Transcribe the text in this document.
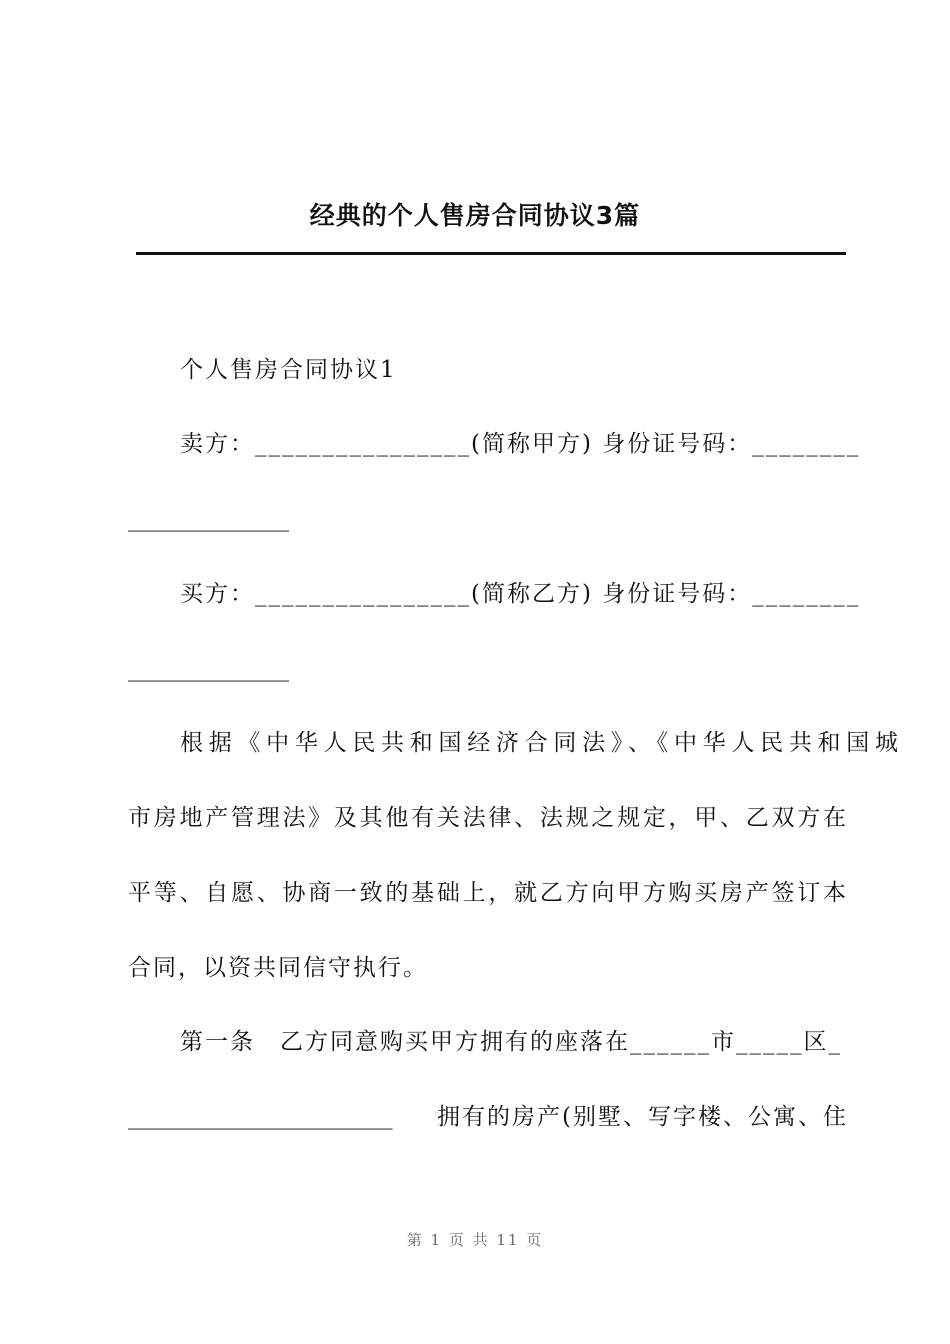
经典的个人售房合同协议3篇
个人售房合同协议1
卖方：________________(简称甲方) 身份证号码：________
______________
买方：________________(简称乙方) 身份证号码：________
______________
根据《中华人民共和国经济合同法》、《中华人民共和国城
市房地产管理法》及其他有关法律、法规之规定，甲、乙双方在
平等、自愿、协商一致的基础上，就乙方向甲方购买房产签订本
合同，以资共同信守执行。
第一条　乙方同意购买甲方拥有的座落在______市_____区_
_______________________ 拥有的房产(别墅、写字楼、公寓、住
第 1 页 共 11 页
